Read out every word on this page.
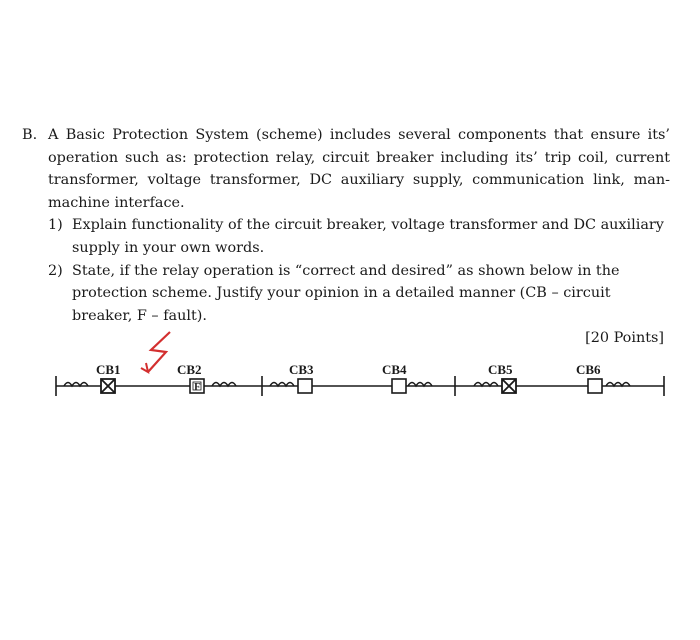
B. A Basic Protection System (scheme) includes several components that ensure its’ operation such as: protection relay, circuit breaker including its’ trip coil, current transformer, voltage transformer, DC auxiliary supply, communication link, man-machine interface.
1) Explain functionality of the circuit breaker, voltage transformer and DC auxiliary supply in your own words.
2) State, if the relay operation is “correct and desired” as shown below in the protection scheme. Justify your opinion in a detailed manner (CB – circuit breaker, F – fault).
[20 Points]
CB1	CB2
F
CB3	CB4	CB5	CB6
